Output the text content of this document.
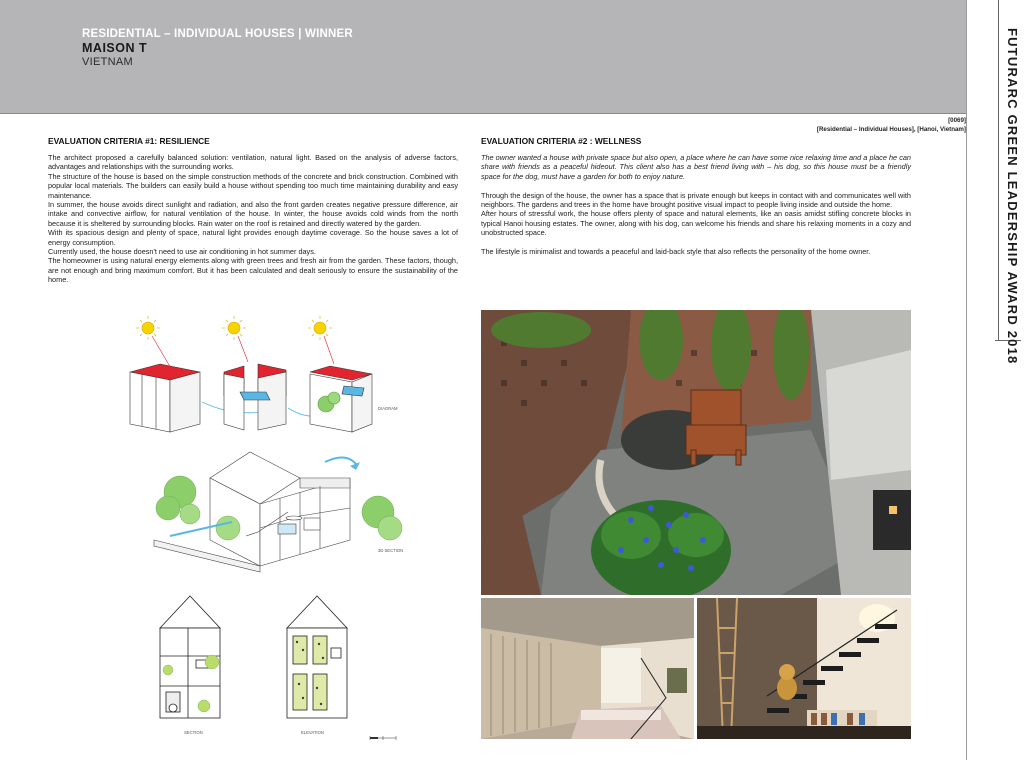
RESIDENTIAL – INDIVIDUAL HOUSES | WINNER
MAISON T
VIETNAM	FUTURARC GREEN LEADERSHIP AWARD 2018
[0069]
[Residential – Individual Houses], [Hanoi, Vietnam]
EVALUATION CRITERIA #1: RESILIENCE

The architect proposed a carefully balanced solution: ventilation, natural light. Based on the analysis of adverse factors, advantages and relationships with the surrounding works.

The structure of the house is based on the simple construction methods of the concrete and brick construction. Combined with popular local materials. The builders can easily build a house without spending too much time maintaining durability and easy maintenance.

In summer, the house avoids direct sunlight and radiation, and also the front garden creates negative pressure difference, air intake and convective airflow, for natural ventilation of the house. In winter, the house avoids cold winds from the north because it is sheltered by surrounding blocks. Rain water on the roof is retained and directly watered by the garden.

With its spacious design and plenty of space, natural light provides enough daytime coverage. So the house saves a lot of energy consumption.

Currently used, the house doesn't need to use air conditioning in hot summer days.

The homeowner is using natural energy elements along with green trees and fresh air from the garden. These factors, though, are not enough and bring maximum comfort. But it has been calculated and dealt seriously to ensure the sustainability of the home.

EVALUATION CRITERIA #2 : WELLNESS

The owner wanted a house with private space but also open, a place where he can have some nice relaxing time and a place he can share with friends as a peaceful hideout. This client also has a best friend living with – his dog, so this house must be a friendly space for the dog, must have a garden for both to enjoy nature.

Through the design of the house, the owner has a space that is private enough but keeps in contact with and communicates well with neighbors. The gardens and trees in the home have brought positive visual impact to people living inside and outside the home.

After hours of stressful work, the house offers plenty of space and natural elements, like an oasis amidst stifling concrete blocks in typical Hanoi housing estates. The owner, along with his dog, can welcome his friends and share his relaxing moments in a cozy and unobstructed space.

The lifestyle is minimalist and towards a peaceful and laid-back style that also reflects the personality of the home owner.

DIAGRAM
3D SECTION
SECTION	ELEVATION
